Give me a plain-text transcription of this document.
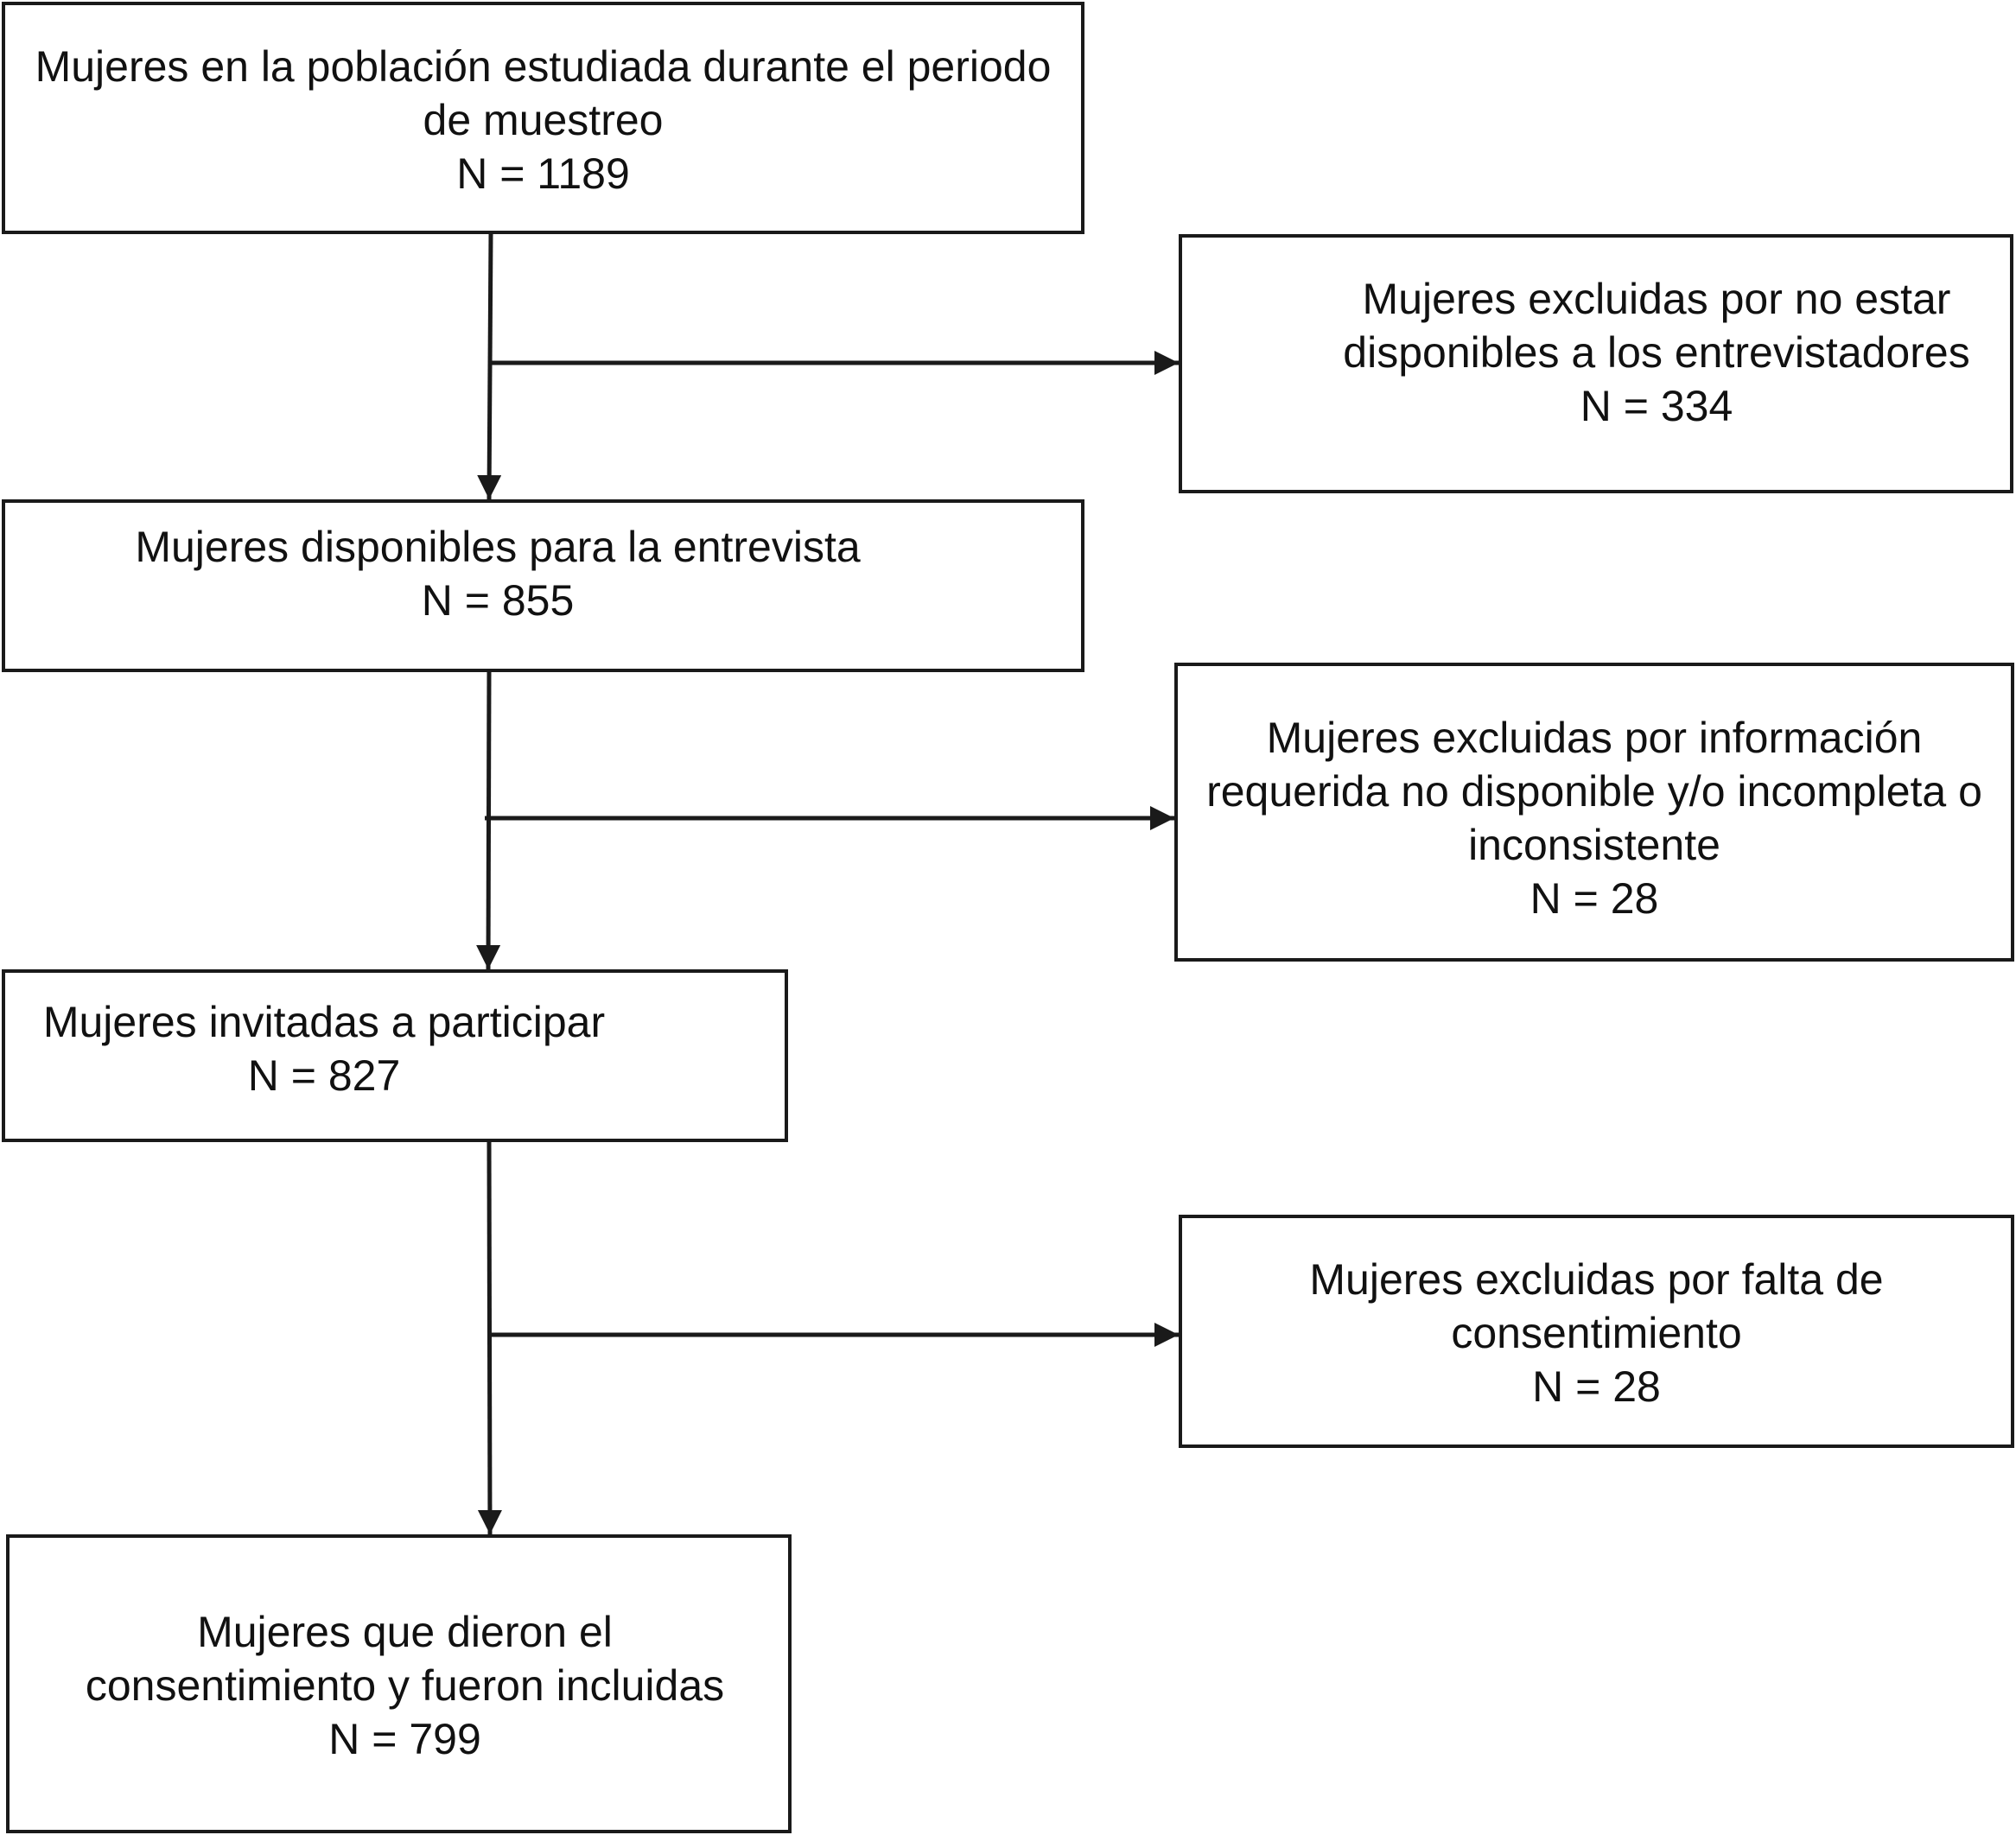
Mujeres en la población estudiada durante el periodo
de muestreo
N = 1189
Mujeres excluidas por no estar
disponibles a los entrevistadores
N = 334
Mujeres disponibles para la entrevista
N = 855
Mujeres excluidas por información
requerida no disponible y/o incompleta o
inconsistente
N = 28
Mujeres invitadas a participar
N = 827
Mujeres excluidas por falta de
consentimiento
N = 28
Mujeres que dieron el
consentimiento y fueron incluidas
N = 799
